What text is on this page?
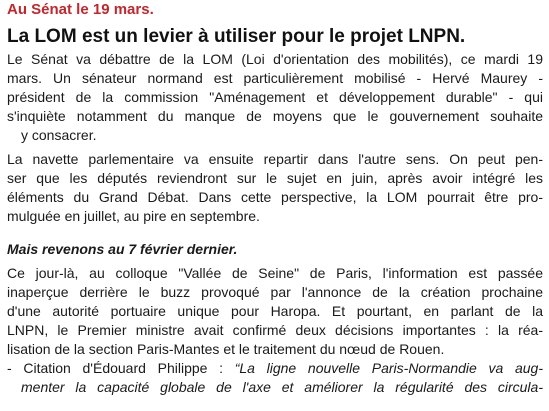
Au Sénat le 19 mars.
La LOM est un levier à utiliser pour le projet LNPN.
Le Sénat va débattre de la LOM (Loi d'orientation des mobilités), ce mardi 19
mars. Un sénateur normand est particulièrement mobilisé - Hervé Maurey -
président de la commission "Aménagement et développement durable" - qui
s'inquiète notamment du manque de moyens que le gouvernement souhaite
y consacrer.
La navette parlementaire va ensuite repartir dans l'autre sens. On peut pen-
ser que les députés reviendront sur le sujet en juin, après avoir intégré les
éléments du Grand Débat. Dans cette perspective, la LOM pourrait être pro-
mulguée en juillet, au pire en septembre.
Mais revenons au 7 février dernier.
Ce jour-là, au colloque "Vallée de Seine" de Paris, l'information est passée
inaperçue derrière le buzz provoqué par l'annonce de la création prochaine
d'une autorité portuaire unique pour Haropa. Et pourtant, en parlant de la
LNPN, le Premier ministre avait confirmé deux décisions importantes : la réa-
lisation de la section Paris-Mantes et le traitement du nœud de Rouen.
- Citation d'Édouard Philippe : “La ligne nouvelle Paris-Normandie va aug-
menter la capacité globale de l'axe et améliorer la régularité des circula-
